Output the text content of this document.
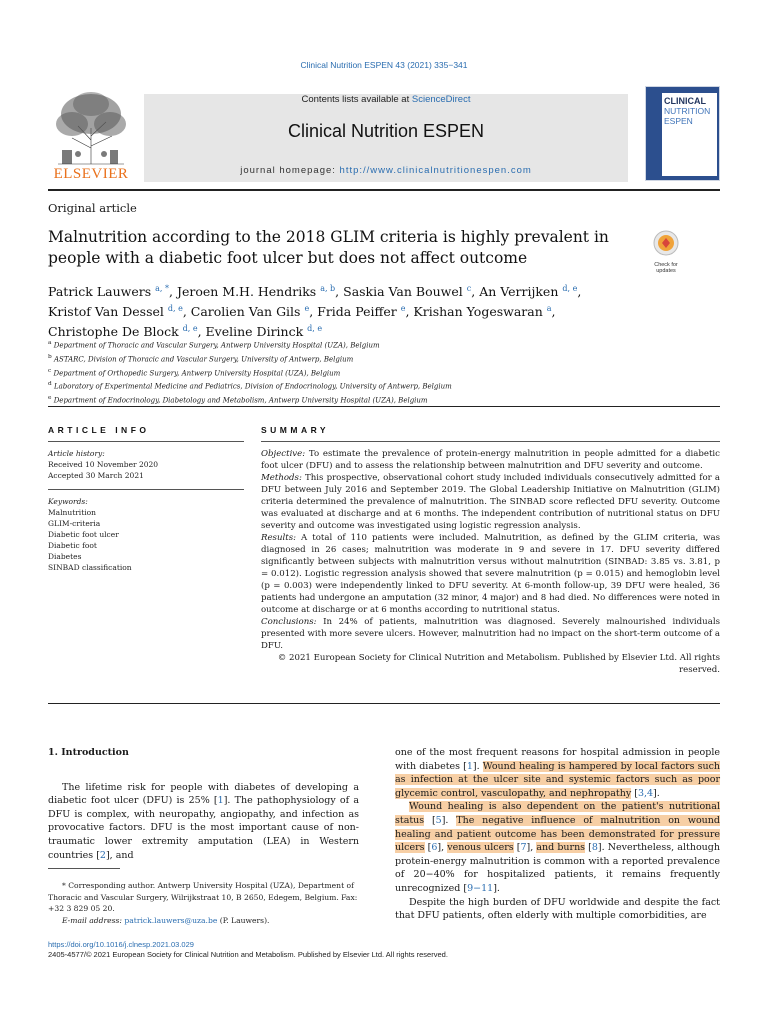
Clinical Nutrition ESPEN 43 (2021) 335−341
ELSEVIER
Contents lists available at ScienceDirect
Clinical Nutrition ESPEN
journal homepage: http://www.clinicalnutritionespen.com
CLINICAL
NUTRITION
ESPEN
Original article
Malnutrition according to the 2018 GLIM criteria is highly prevalent in people with a diabetic foot ulcer but does not affect outcome	Check for updates
Patrick Lauwers $^{a, *}$, Jeroen M.H. Hendriks $^{a, b}$, Saskia Van Bouwel $^c$, An Verrijken $^{d, e}$,
Kristof Van Dessel $^{d, e}$, Carolien Van Gils $^e$, Frida Peiffer $^e$, Krishan Yogeswaran $^a$,
Christophe De Block $^{d, e}$, Eveline Dirinck $^{d, e}$
$^a$ Department of Thoracic and Vascular Surgery, Antwerp University Hospital (UZA), Belgium
$^b$ ASTARC, Division of Thoracic and Vascular Surgery, University of Antwerp, Belgium
$^c$ Department of Orthopedic Surgery, Antwerp University Hospital (UZA), Belgium
$^d$ Laboratory of Experimental Medicine and Pediatrics, Division of Endocrinology, University of Antwerp, Belgium
$^e$ Department of Endocrinology, Diabetology and Metabolism, Antwerp University Hospital (UZA), Belgium
ARTICLE INFO
Article history:
Received 10 November 2020
Accepted 30 March 2021
Keywords:
Malnutrition
GLIM-criteria
Diabetic foot ulcer
Diabetic foot
Diabetes
SINBAD classification
SUMMARY
Objective: To estimate the prevalence of protein-energy malnutrition in people admitted for a diabetic foot ulcer (DFU) and to assess the relationship between malnutrition and DFU severity and outcome.
Methods: This prospective, observational cohort study included individuals consecutively admitted for a DFU between July 2016 and September 2019. The Global Leadership Initiative on Malnutrition (GLIM) criteria determined the prevalence of malnutrition. The SINBAD score reflected DFU severity. Outcome was evaluated at discharge and at 6 months. The independent contribution of nutritional status on DFU severity and outcome was investigated using logistic regression analysis.
Results: A total of 110 patients were included. Malnutrition, as defined by the GLIM criteria, was diagnosed in 26 cases; malnutrition was moderate in 9 and severe in 17. DFU severity differed significantly between subjects with malnutrition versus without malnutrition (SINBAD: 3.85 vs. 3.81, p = 0.012). Logistic regression analysis showed that severe malnutrition (p = 0.015) and hemoglobin level (p = 0.003) were independently linked to DFU severity. At 6-month follow-up, 39 DFU were healed, 36 patients had undergone an amputation (32 minor, 4 major) and 8 had died. No differences were noted in outcome at discharge or at 6 months according to nutritional status.
Conclusions: In 24% of patients, malnutrition was diagnosed. Severely malnourished individuals presented with more severe ulcers. However, malnutrition had no impact on the short-term outcome of a DFU.
© 2021 European Society for Clinical Nutrition and Metabolism. Published by Elsevier Ltd. All rights reserved.
1. Introduction

The lifetime risk for people with diabetes of developing a diabetic foot ulcer (DFU) is 25% [1]. The pathophysiology of a DFU is complex, with neuropathy, angiopathy, and infection as provocative factors. DFU is the most important cause of non-traumatic lower extremity amputation (LEA) in Western countries [2], and

* Corresponding author. Antwerp University Hospital (UZA), Department of Thoracic and Vascular Surgery, Wilrijkstraat 10, B 2650, Edegem, Belgium. Fax: +32 3 829 05 20.

E-mail address: patrick.lauwers@uza.be (P. Lauwers).

one of the most frequent reasons for hospital admission in people with diabetes [1]. Wound healing is hampered by local factors such as infection at the ulcer site and systemic factors such as poor glycemic control, vasculopathy, and nephropathy [3,4].

Wound healing is also dependent on the patient's nutritional status [5]. The negative influence of malnutrition on wound healing and patient outcome has been demonstrated for pressure ulcers [6], venous ulcers [7], and burns [8]. Nevertheless, although protein-energy malnutrition is common with a reported prevalence of 20−40% for hospitalized patients, it remains frequently unrecognized [9−11].

Despite the high burden of DFU worldwide and despite the fact that DFU patients, often elderly with multiple comorbidities, are

https://doi.org/10.1016/j.clnesp.2021.03.029
2405-4577/© 2021 European Society for Clinical Nutrition and Metabolism. Published by Elsevier Ltd. All rights reserved.
